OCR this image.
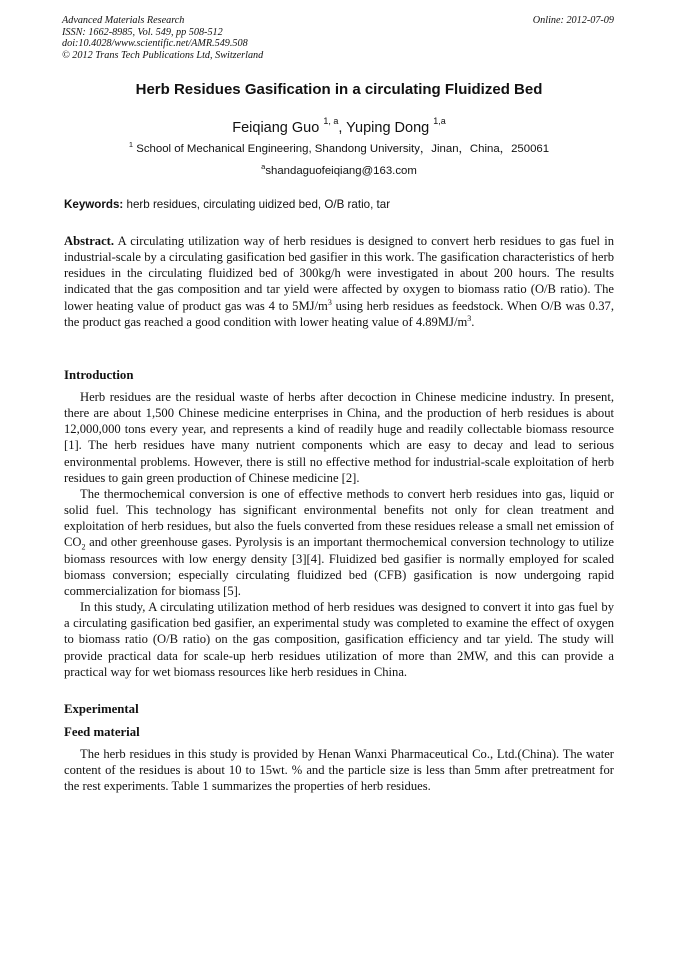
Advanced Materials Research
ISSN: 1662-8985, Vol. 549, pp 508-512
doi:10.4028/www.scientific.net/AMR.549.508
© 2012 Trans Tech Publications Ltd, Switzerland
Online: 2012-07-09
Herb Residues Gasification in a circulating Fluidized Bed
Feiqiang Guo $^{1, a}$, Yuping Dong $^{1,a}$
$^1$ School of Mechanical Engineering, Shandong University，Jinan，China，250061
$^a$shandaguofeiqiang@163.com
Keywords: herb residues, circulating uidized bed, O/B ratio, tar

Abstract. A circulating utilization way of herb residues is designed to convert herb residues to gas fuel in industrial-scale by a circulating gasification bed gasifier in this work. The gasification characteristics of herb residues in the circulating fluidized bed of 300kg/h were investigated in about 200 hours. The results indicated that the gas composition and tar yield were affected by oxygen to biomass ratio (O/B ratio). The lower heating value of product gas was 4 to $5MJ/m^3$ using herb residues as feedstock. When O/B was 0.37, the product gas reached a good condition with lower heating value of $4.89MJ/m^3$.

Introduction

Herb residues are the residual waste of herbs after decoction in Chinese medicine industry. In present, there are about 1,500 Chinese medicine enterprises in China, and the production of herb residues is about 12,000,000 tons every year, and represents a kind of readily huge and readily collectable biomass resource [1]. The herb residues have many nutrient components which are easy to decay and lead to serious environmental problems. However, there is still no effective method for industrial-scale exploitation of herb residues to gain green production of Chinese medicine [2].

The thermochemical conversion is one of effective methods to convert herb residues into gas, liquid or solid fuel. This technology has significant environmental benefits not only for clean treatment and exploitation of herb residues, but also the fuels converted from these residues release a small net emission of $CO_2$ and other greenhouse gases. Pyrolysis is an important thermochemical conversion technology to utilize biomass resources with low energy density [3][4]. Fluidized bed gasifier is normally employed for scaled biomass conversion; especially circulating fluidized bed (CFB) gasification is now undergoing rapid commercialization for biomass [5].

In this study, A circulating utilization method of herb residues was designed to convert it into gas fuel by a circulating gasification bed gasifier, an experimental study was completed to examine the effect of oxygen to biomass ratio (O/B ratio) on the gas composition, gasification efficiency and tar yield. The study will provide practical data for scale-up herb residues utilization of more than 2MW, and this can provide a practical way for wet biomass resources like herb residues in China.

Experimental
Feed material

The herb residues in this study is provided by Henan Wanxi Pharmaceutical Co., Ltd.(China). The water content of the residues is about 10 to 15wt. % and the particle size is less than 5mm after pretreatment for the rest experiments. Table 1 summarizes the properties of herb residues.
